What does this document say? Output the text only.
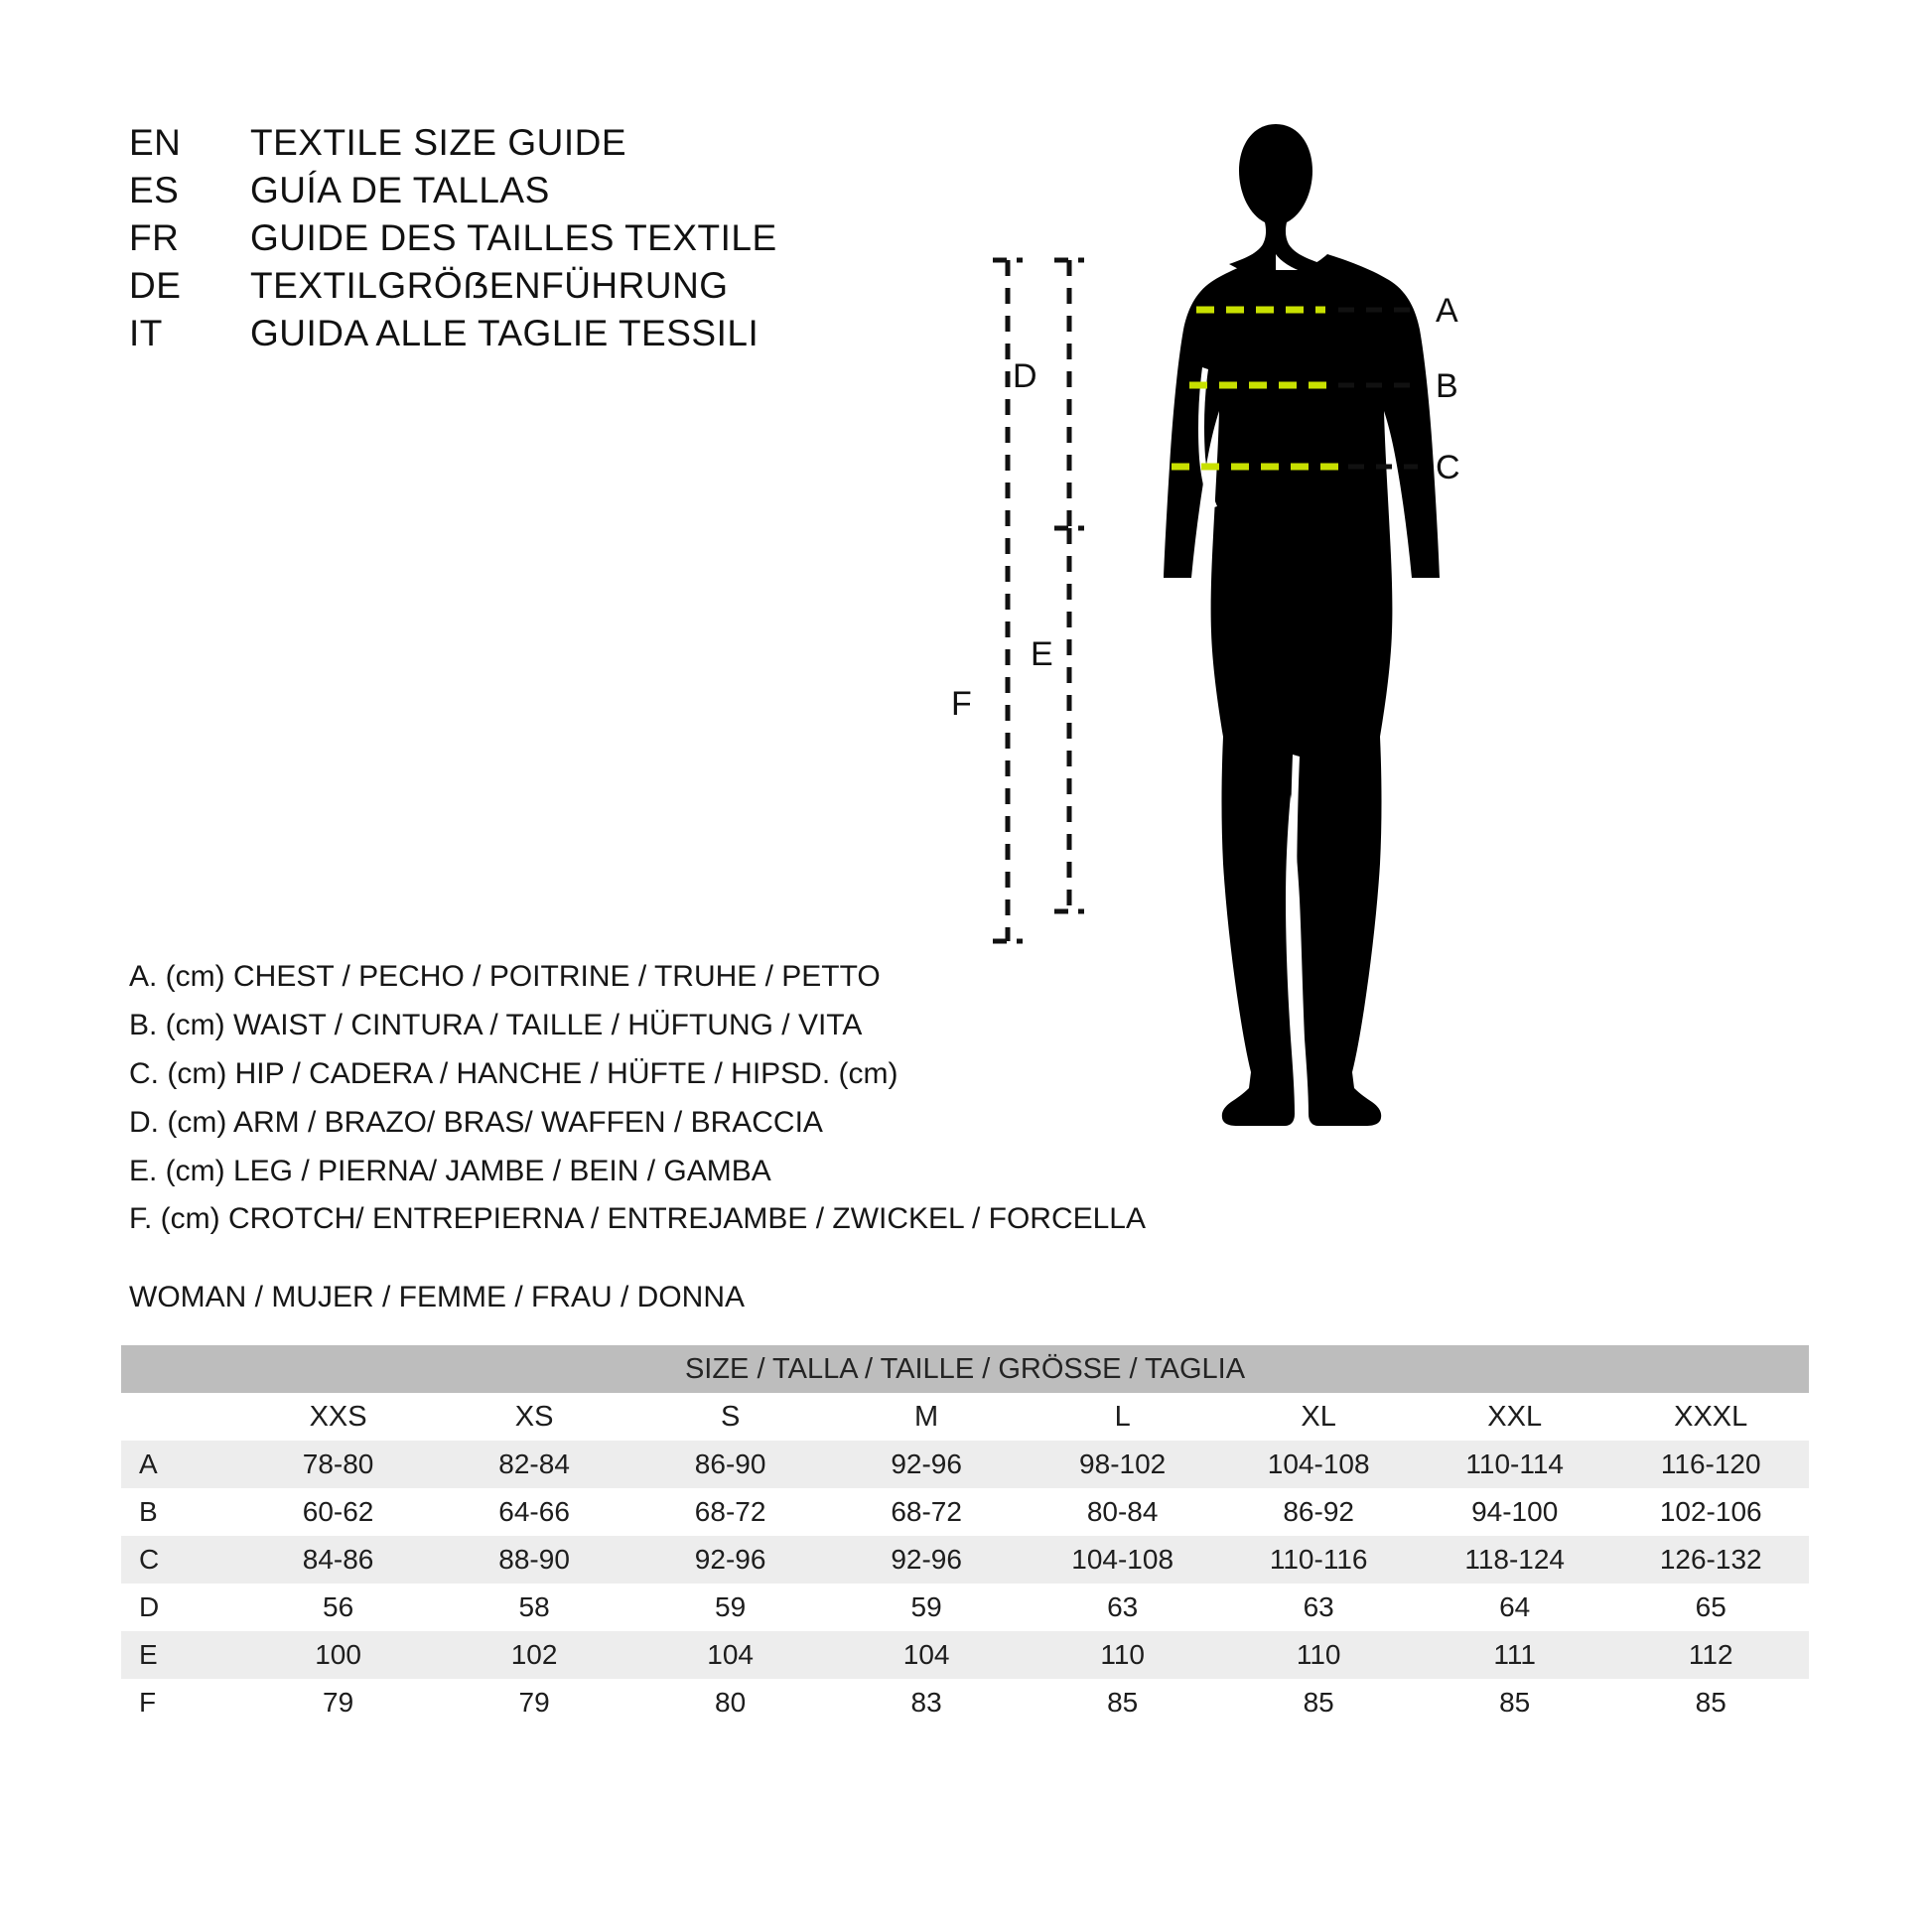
EN	TEXTILE SIZE GUIDE
ES	GUÍA DE TALLAS
FR	GUIDE DES TAILLES TEXTILE
DE	TEXTILGRÖẞENFÜHRUNG
IT	GUIDA ALLE TAGLIE TESSILI
A
B
C
F
D
E
A. (cm) CHEST / PECHO / POITRINE / TRUHE / PETTO
B. (cm) WAIST / CINTURA / TAILLE / HÜFTUNG / VITA
C. (cm) HIP / CADERA / HANCHE / HÜFTE / HIPSD. (cm)
D. (cm) ARM / BRAZO/ BRAS/ WAFFEN / BRACCIA
E. (cm) LEG / PIERNA/ JAMBE / BEIN / GAMBA
F. (cm) CROTCH/ ENTREPIERNA / ENTREJAMBE / ZWICKEL / FORCELLA
WOMAN / MUJER / FEMME / FRAU / DONNA
SIZE / TALLA / TAILLE / GRÖSSE / TAGLIA								
	XXS	XS	S	M	L	XL	XXL	XXXL
A	78-80	82-84	86-90	92-96	98-102	104-108	110-114	116-120
B	60-62	64-66	68-72	68-72	80-84	86-92	94-100	102-106
C	84-86	88-90	92-96	92-96	104-108	110-116	118-124	126-132
D	56	58	59	59	63	63	64	65
E	100	102	104	104	110	110	111	112
F	79	79	80	83	85	85	85	85
